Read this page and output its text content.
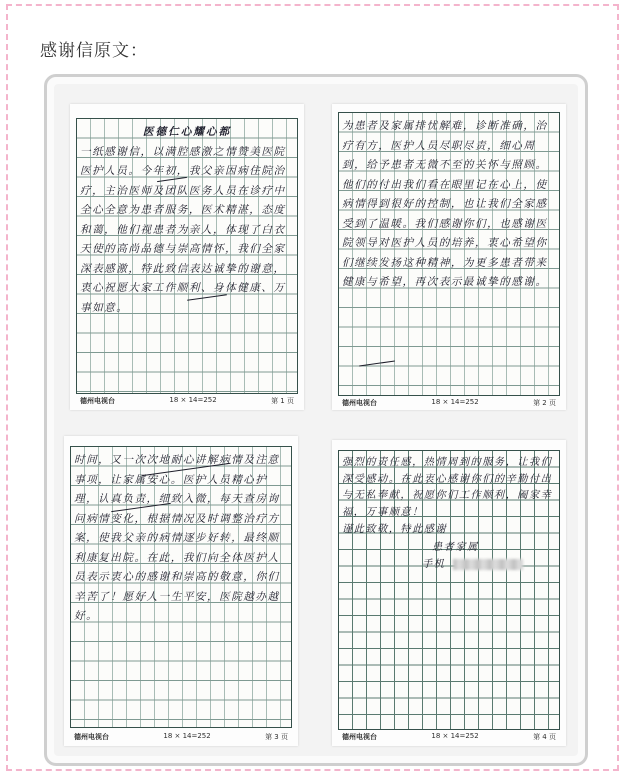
感谢信原文：
医德仁心耀心都
一纸感谢信，以满腔感激之情赞美医院医护人员。今年初，我父亲因病住院治疗，主治医师及团队医务人员在诊疗中全心全意为患者服务，医术精湛，态度和蔼，他们视患者为亲人，体现了白衣天使的高尚品德与崇高情怀，我们全家深表感激，特此致信表达诚挚的谢意，衷心祝愿大家工作顺利、身体健康、万事如意。
德州电视台	18 × 14=252	第 1 页
为患者及家属排忧解难，诊断准确，治疗有方，医护人员尽职尽责，细心周到，给予患者无微不至的关怀与照顾。他们的付出我们看在眼里记在心上，使病情得到很好的控制，也让我们全家感受到了温暖。我们感谢你们，也感谢医院领导对医护人员的培养，衷心希望你们继续发扬这种精神，为更多患者带来健康与希望，再次表示最诚挚的感谢。
德州电视台	18 × 14=252	第 2 页
时间，又一次次地耐心讲解病情及注意事项，让家属安心。医护人员精心护理，认真负责，细致入微，每天查房询问病情变化，根据情况及时调整治疗方案，使我父亲的病情逐步好转，最终顺利康复出院。在此，我们向全体医护人员表示衷心的感谢和崇高的敬意，你们辛苦了！愿好人一生平安，医院越办越好。
德州电视台	18 × 14=252	第 3 页
强烈的责任感，热情周到的服务，让我们深受感动。在此衷心感谢你们的辛勤付出与无私奉献，祝愿你们工作顺利，阖家幸福，万事顺意！
谨此致敬，特此感谢
患者家属
手机
德州电视台	18 × 14=252	第 4 页
